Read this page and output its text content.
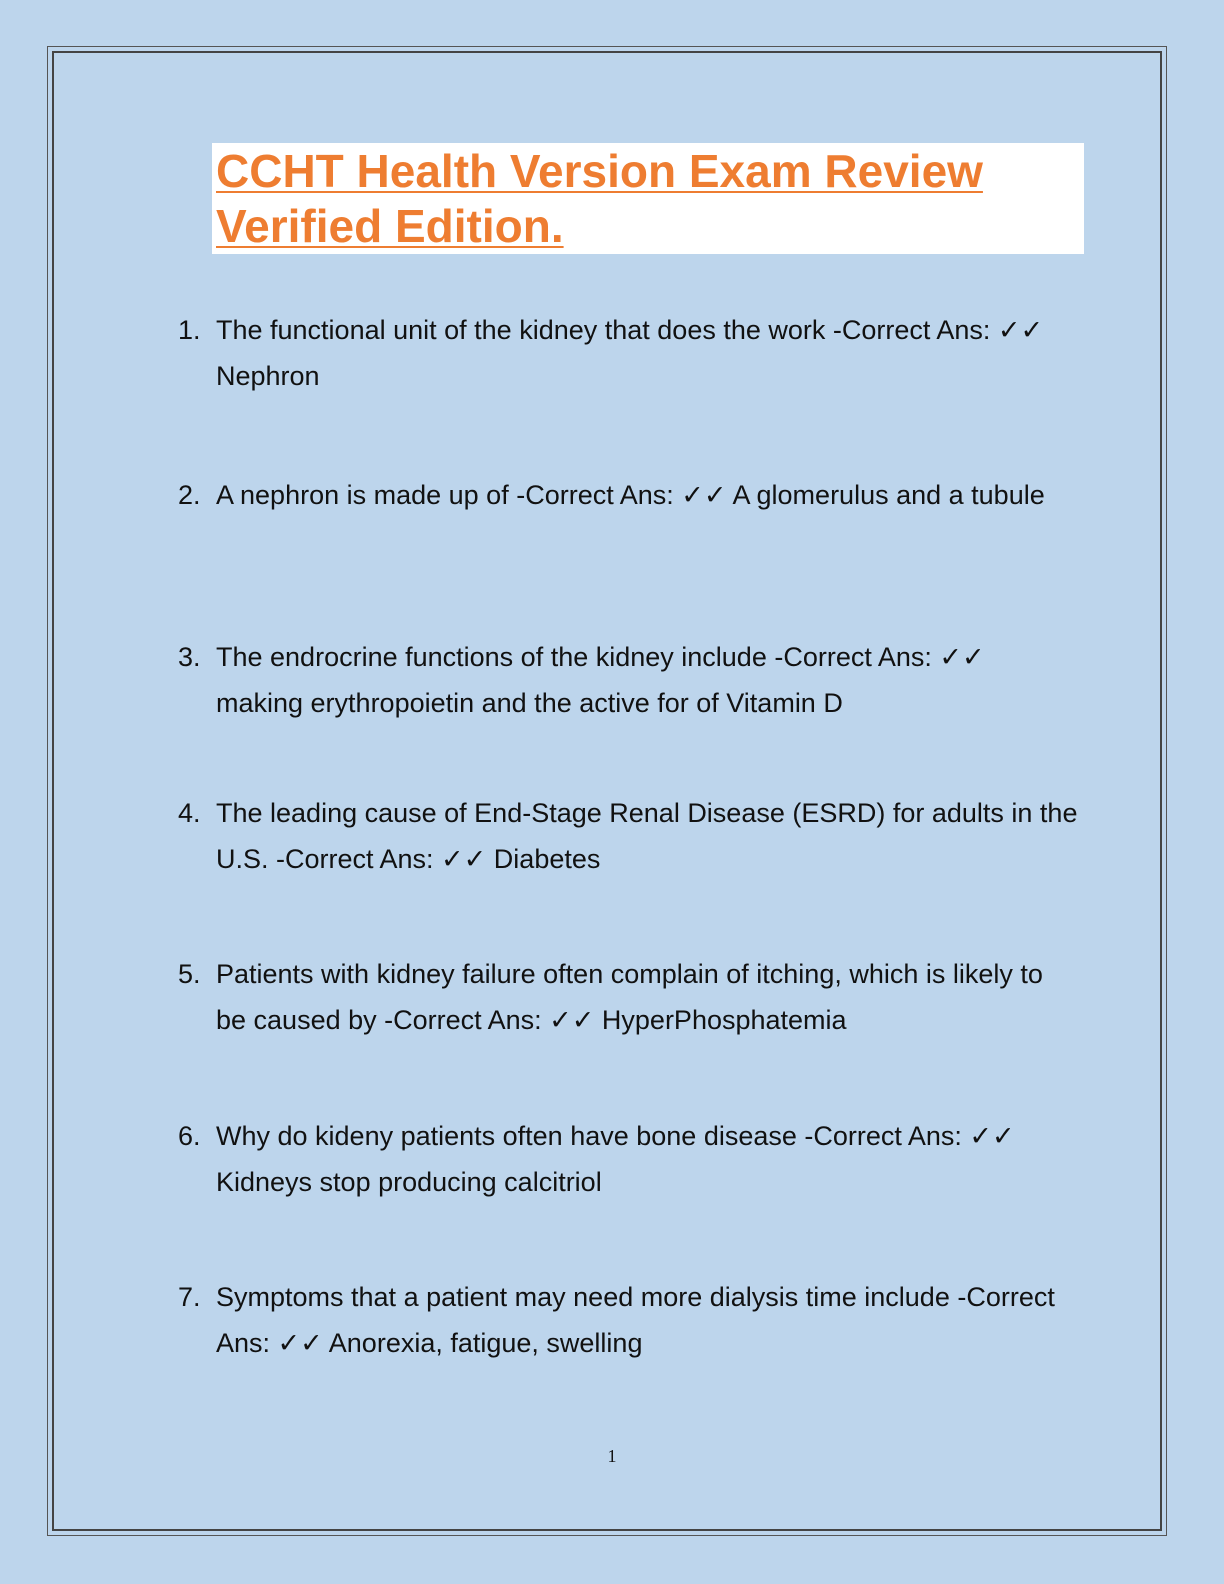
CCHT Health Version Exam Review Verified Edition.
1. The functional unit of the kidney that does the work -Correct Ans: ✓✓ Nephron
2. A nephron is made up of -Correct Ans: ✓✓ A glomerulus and a tubule
3. The endrocrine functions of the kidney include -Correct Ans: ✓✓ making erythropoietin and the active for of Vitamin D
4. The leading cause of End-Stage Renal Disease (ESRD) for adults in the U.S. -Correct Ans: ✓✓ Diabetes
5. Patients with kidney failure often complain of itching, which is likely to be caused by -Correct Ans: ✓✓ HyperPhosphatemia
6. Why do kideny patients often have bone disease -Correct Ans: ✓✓ Kidneys stop producing calcitriol
7. Symptoms that a patient may need more dialysis time include -Correct Ans: ✓✓ Anorexia, fatigue, swelling
1
